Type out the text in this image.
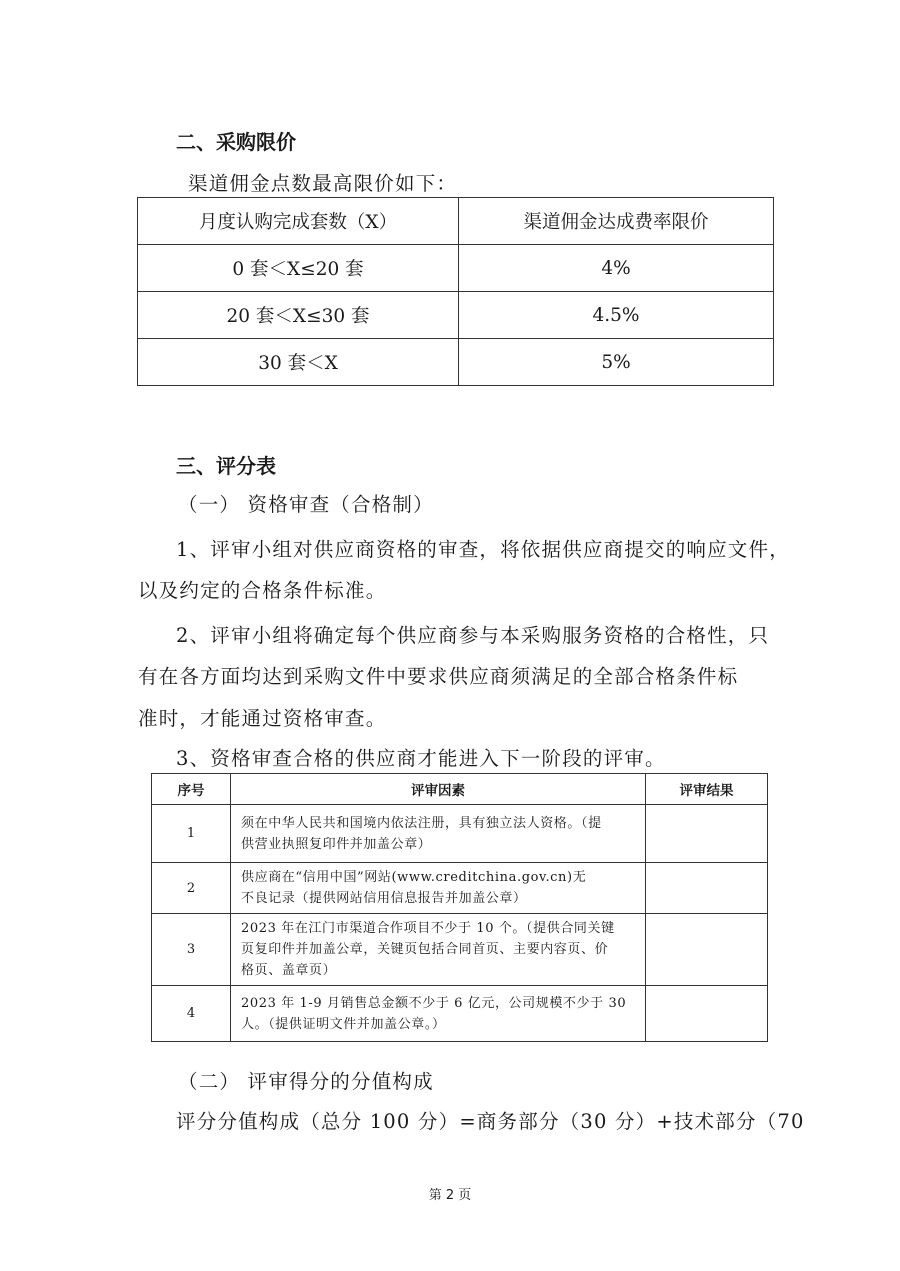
二、采购限价
渠道佣金点数最高限价如下：
月度认购完成套数（X）	渠道佣金达成费率限价
0 套＜X≤20 套	4%
20 套＜X≤30 套	4.5%
30 套＜X	5%
三、评分表
（一） 资格审查（合格制）
1、评审小组对供应商资格的审查，将依据供应商提交的响应文件，
以及约定的合格条件标准。
2、评审小组将确定每个供应商参与本采购服务资格的合格性，只
有在各方面均达到采购文件中要求供应商须满足的全部合格条件标
准时，才能通过资格审查。
3、资格审查合格的供应商才能进入下一阶段的评审。
序号	评审因素	评审结果
1	须在中华人民共和国境内依法注册，具有独立法人资格。（提
供营业执照复印件并加盖公章）	

2	供应商在“信用中国”网站(www.creditchina.gov.cn)无
不良记录（提供网站信用信息报告并加盖公章）	

3	2023 年在江门市渠道合作项目不少于 10 个。（提供合同关键
页复印件并加盖公章，关键页包括合同首页、主要内容页、价
格页、盖章页）	

4	2023 年 1-9 月销售总金额不少于 6 亿元，公司规模不少于 30
人。（提供证明文件并加盖公章。）	

（二） 评审得分的分值构成
评分分值构成（总分 100 分）=商务部分（30 分）+技术部分（70
第 2 页
